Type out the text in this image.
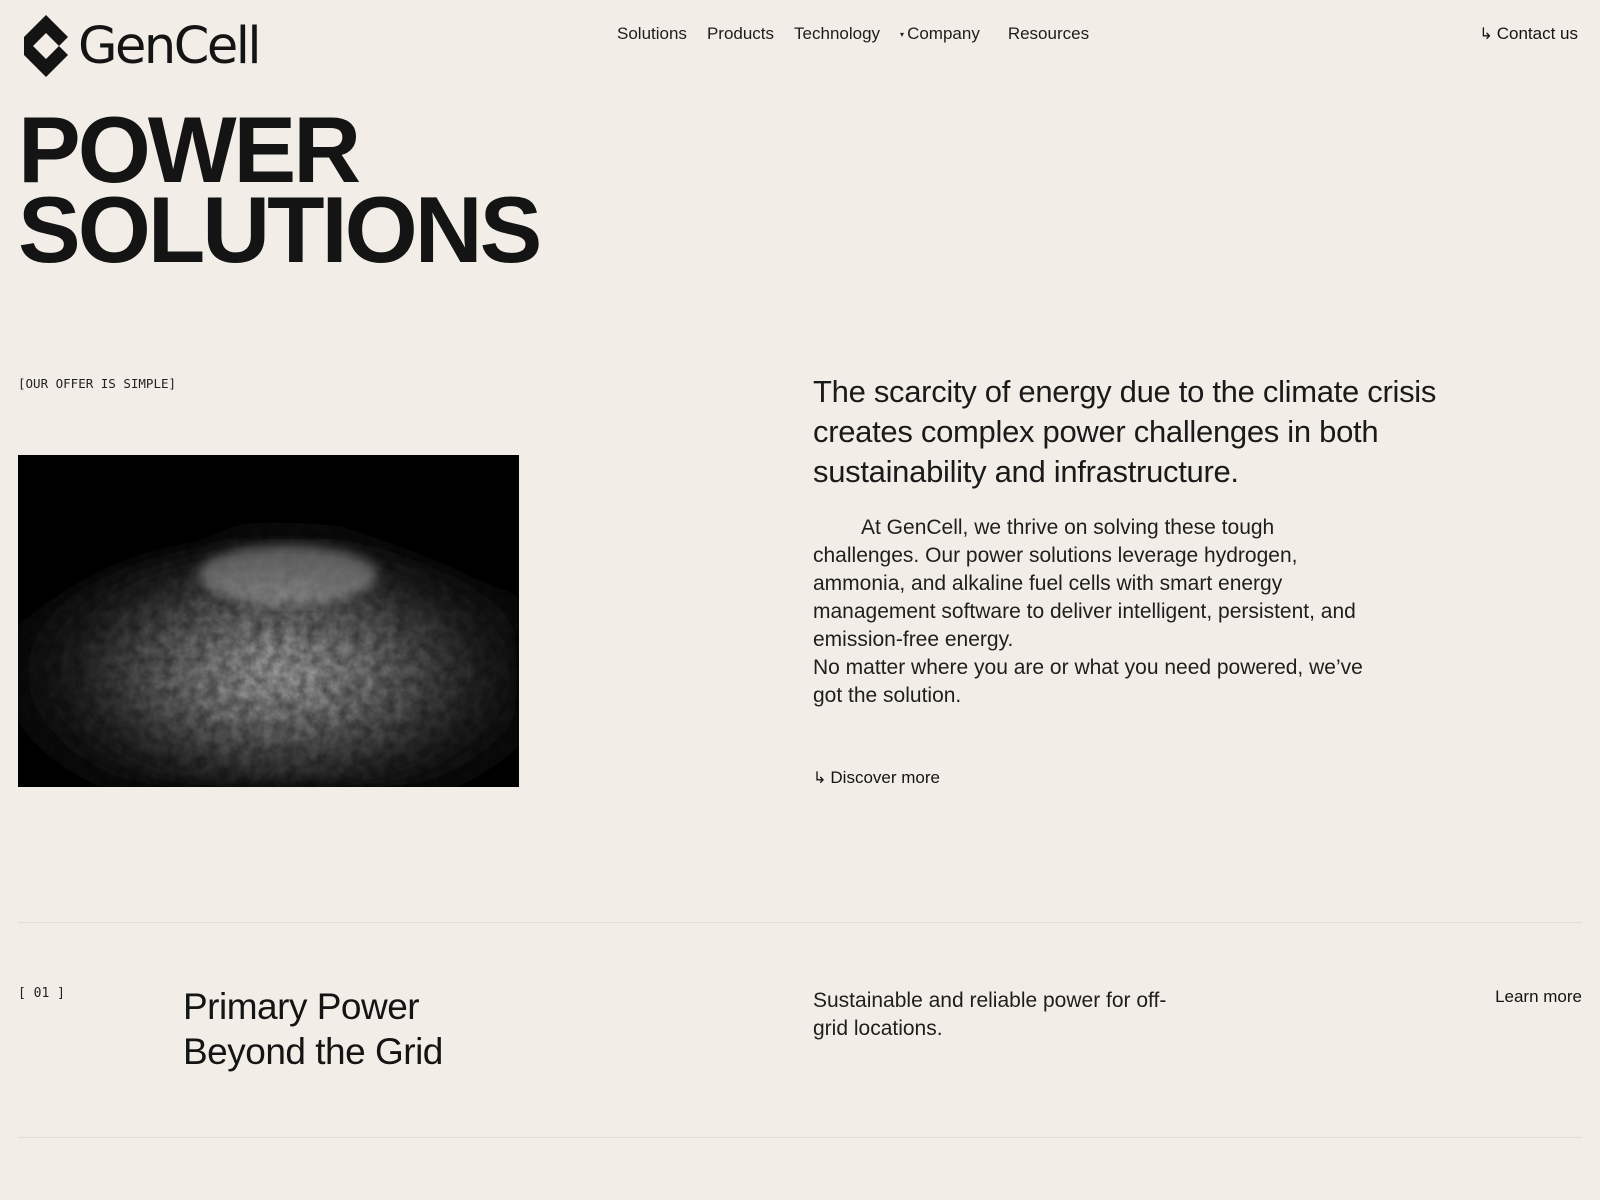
GenCell	Solutions Products Technology	▾ Company Resources	↳ Contact us
POWER
SOLUTIONS
[OUR OFFER IS SIMPLE]	The scarcity of energy due to the climate crisis creates complex power challenges in both sustainability and infrastructure.

At GenCell, we thrive on solving these tough challenges. Our power solutions leverage hydrogen, ammonia, and alkaline fuel cells with smart energy management software to deliver intelligent, persistent, and emission-free energy.

No matter where you are or what you need powered, we’ve got the solution.

↳ Discover more
[ 01 ]	Primary Power
Beyond the Grid
Sustainable and reliable power for off-grid locations.
Learn more
